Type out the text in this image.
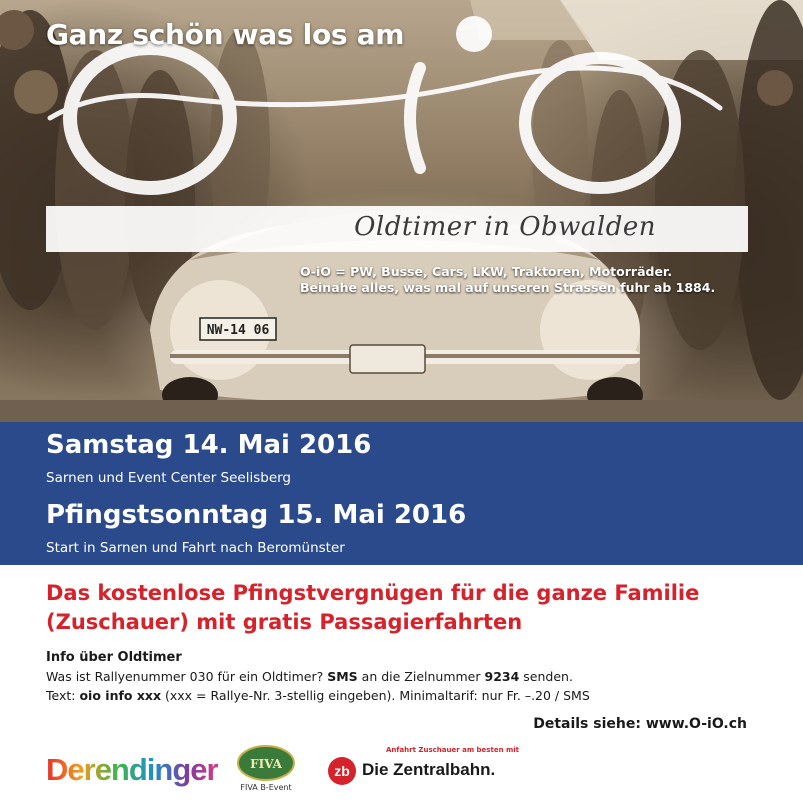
NW-14 06
Ganz schön was los am
Oldtimer in Obwalden
O-iO = PW, Busse, Cars, LKW, Traktoren, Motorräder.
Beinahe alles, was mal auf unseren Strassen fuhr ab 1884.
Samstag 14. Mai 2016
Sarnen und Event Center Seelisberg
Pfingstsonntag 15. Mai 2016
Start in Sarnen und Fahrt nach Beromünster
Das kostenlose Pfingstvergnügen für die ganze Familie
(Zuschauer) mit gratis Passagierfahrten
Info über Oldtimer
Was ist Rallyenummer 030 für ein Oldtimer? SMS an die Zielnummer 9234 senden.
Text: oio info xxx (xxx = Rallye-Nr. 3-stellig eingeben). Minimaltarif: nur Fr. –.20 / SMS
Details siehe: www.O-iO.ch
Derendinger	FIVA
FIVA B-Event
Anfahrt Zuschauer am besten mit
zb Die Zentralbahn.
